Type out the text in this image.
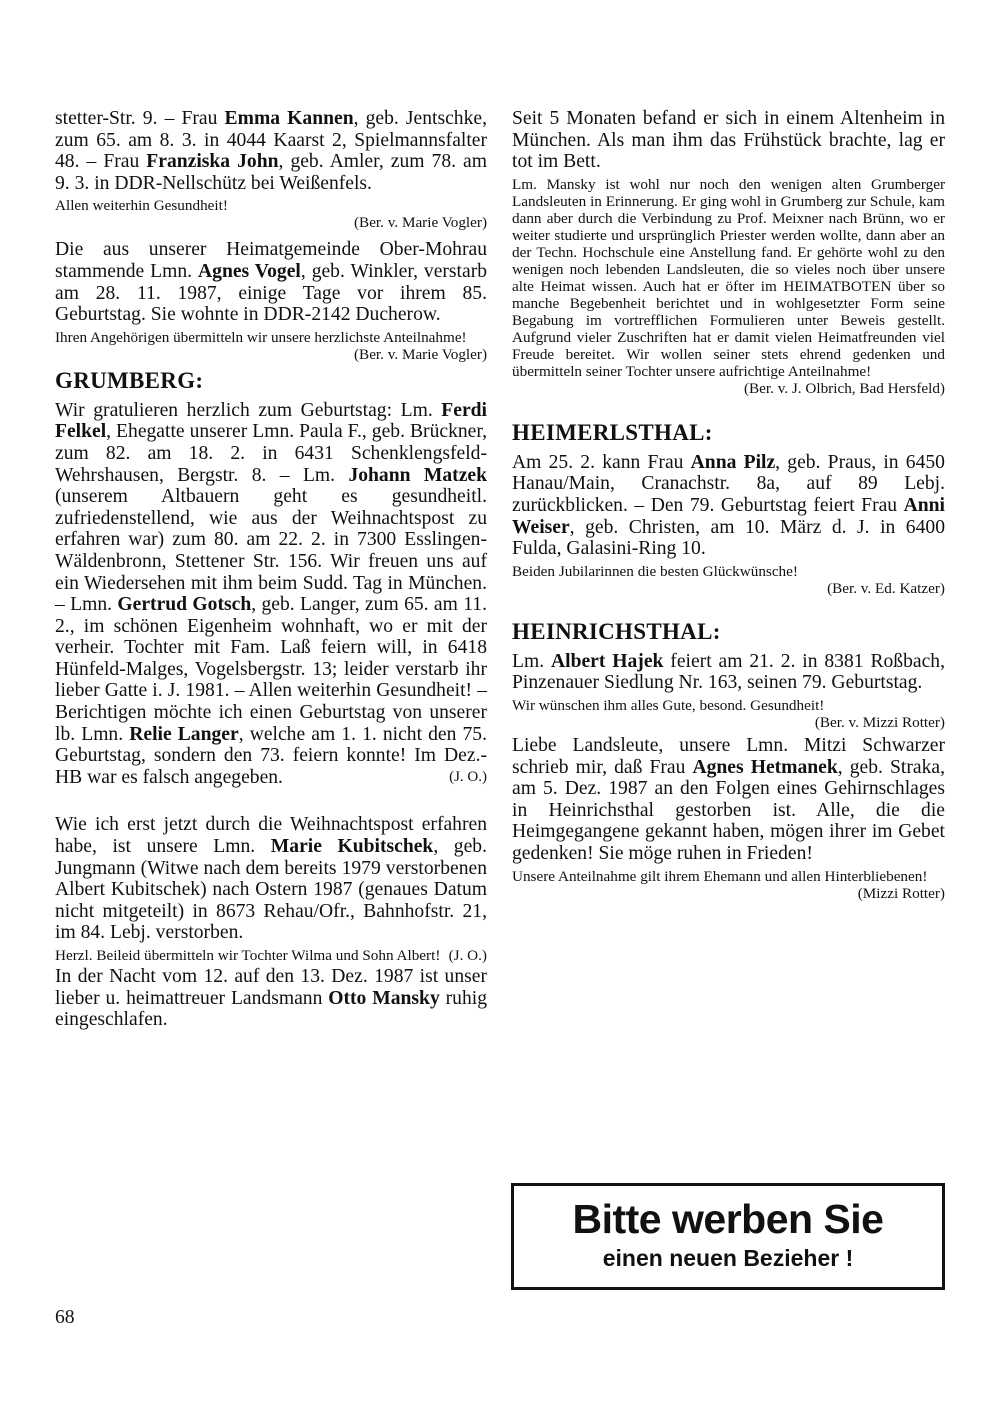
stetter-Str. 9. – Frau Emma Kannen, geb. Jentschke, zum 65. am 8. 3. in 4044 Kaarst 2, Spielmannsfalter 48. – Frau Franziska John, geb. Amler, zum 78. am 9. 3. in DDR-Nellschütz bei Weißenfels.

Allen weiterhin Gesundheit!
(Ber. v. Marie Vogler)

Die aus unserer Heimatgemeinde Ober-Mohrau stammende Lmn. Agnes Vogel, geb. Winkler, verstarb am 28. 11. 1987, einige Tage vor ihrem 85. Geburtstag. Sie wohnte in DDR-2142 Ducherow.

Ihren Angehörigen übermitteln wir unsere herzlichste Anteilnahme!
(Ber. v. Marie Vogler)

GRUMBERG:

Wir gratulieren herzlich zum Geburtstag: Lm. Ferdi Felkel, Ehegatte unserer Lmn. Paula F., geb. Brückner, zum 82. am 18. 2. in 6431 Schenklengsfeld-Wehrshausen, Bergstr. 8. – Lm. Johann Matzek (unserem Altbauern geht es gesundheitl. zufriedenstellend, wie aus der Weihnachtspost zu erfahren war) zum 80. am 22. 2. in 7300 Esslingen-Wäldenbronn, Stettener Str. 156. Wir freuen uns auf ein Wiedersehen mit ihm beim Sudd. Tag in München. – Lmn. Gertrud Gotsch, geb. Langer, zum 65. am 11. 2., im schönen Eigenheim wohnhaft, wo er mit der verheir. Tochter mit Fam. Laß feiern will, in 6418 Hünfeld-Malges, Vogelsbergstr. 13; leider verstarb ihr lieber Gatte i. J. 1981. – Allen weiterhin Gesundheit! – Berichtigen möchte ich einen Geburtstag von unserer lb. Lmn. Relie Langer, welche am 1. 1. nicht den 75. Geburtstag, sondern den 73. feiern konnte! Im Dez.-HB war es falsch angegeben.	(J. O.)

Wie ich erst jetzt durch die Weihnachtspost erfahren habe, ist unsere Lmn. Marie Kubitschek, geb. Jungmann (Witwe nach dem bereits 1979 verstorbenen Albert Kubitschek) nach Ostern 1987 (genaues Datum nicht mitgeteilt) in 8673 Rehau/Ofr., Bahnhofstr. 21, im 84. Lebj. verstorben.

Herzl. Beileid übermitteln wir Tochter Wilma und Sohn Albert! (J. O.)

In der Nacht vom 12. auf den 13. Dez. 1987 ist unser lieber u. heimattreuer Landsmann Otto Mansky ruhig eingeschlafen.

Seit 5 Monaten befand er sich in einem Altenheim in München. Als man ihm das Frühstück brachte, lag er tot im Bett.

Lm. Mansky ist wohl nur noch den wenigen alten Grumberger Landsleuten in Erinnerung. Er ging wohl in Grumberg zur Schule, kam dann aber durch die Verbindung zu Prof. Meixner nach Brünn, wo er weiter studierte und ursprünglich Priester werden wollte, dann aber an der Techn. Hochschule eine Anstellung fand. Er gehörte wohl zu den wenigen noch lebenden Landsleuten, die so vieles noch über unsere alte Heimat wissen. Auch hat er öfter im HEIMATBOTEN über so manche Begebenheit berichtet und in wohlgesetzter Form seine Begabung im vortrefflichen Formulieren unter Beweis gestellt. Aufgrund vieler Zuschriften hat er damit vielen Heimatfreunden viel Freude bereitet. Wir wollen seiner stets ehrend gedenken und übermitteln seiner Tochter unsere aufrichtige Anteilnahme!
(Ber. v. J. Olbrich, Bad Hersfeld)

HEIMERLSTHAL:

Am 25. 2. kann Frau Anna Pilz, geb. Praus, in 6450 Hanau/Main, Cranachstr. 8a, auf 89 Lebj. zurückblicken. – Den 79. Geburtstag feiert Frau Anni Weiser, geb. Christen, am 10. März d. J. in 6400 Fulda, Galasini-Ring 10.

Beiden Jubilarinnen die besten Glückwünsche!
(Ber. v. Ed. Katzer)

HEINRICHSTHAL:

Lm. Albert Hajek feiert am 21. 2. in 8381 Roßbach, Pinzenauer Siedlung Nr. 163, seinen 79. Geburtstag.

Wir wünschen ihm alles Gute, besond. Gesundheit!
(Ber. v. Mizzi Rotter)

Liebe Landsleute, unsere Lmn. Mitzi Schwarzer schrieb mir, daß Frau Agnes Hetmanek, geb. Straka, am 5. Dez. 1987 an den Folgen eines Gehirnschlages in Heinrichsthal gestorben ist. Alle, die die Heimgegangene gekannt haben, mögen ihrer im Gebet gedenken! Sie möge ruhen in Frieden!

Unsere Anteilnahme gilt ihrem Ehemann und allen Hinterbliebenen!
(Mizzi Rotter)

Bitte werben Sie
einen neuen Bezieher !
68
